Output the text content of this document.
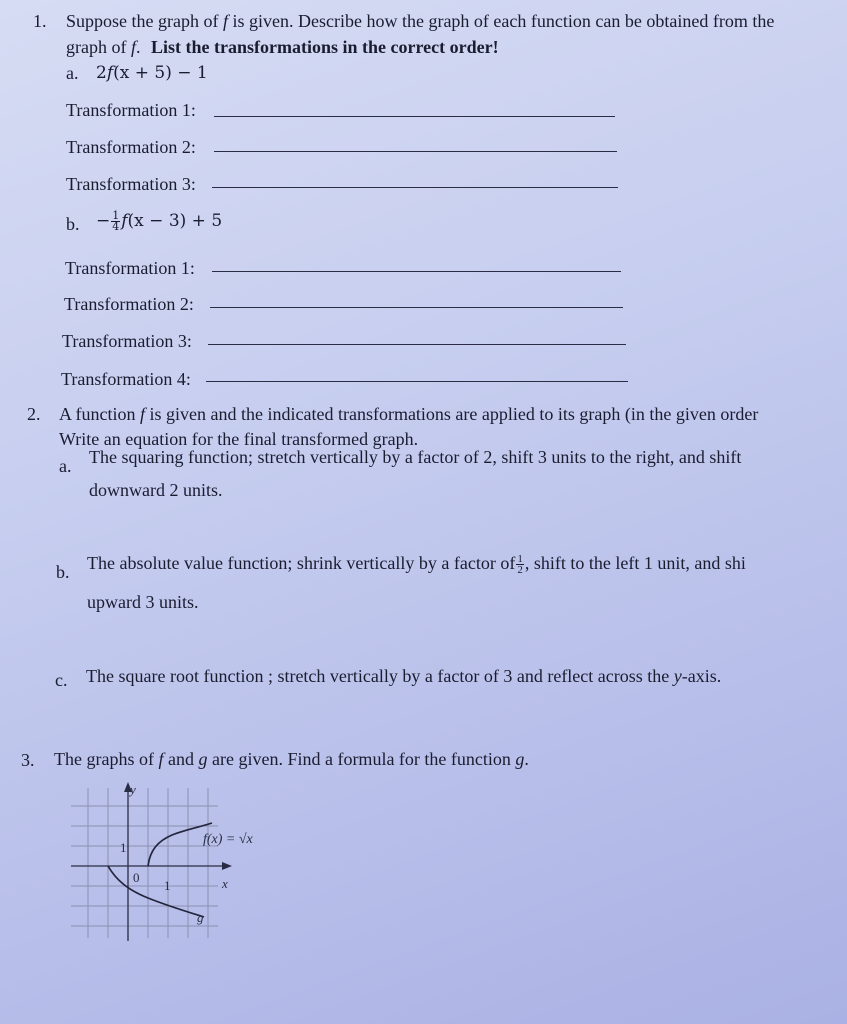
1. Suppose the graph of f is given. Describe how the graph of each function can be obtained from the
graph of f. List the transformations in the correct order!
a. 2f(x + 5) − 1
Transformation 1:
Transformation 2:
Transformation 3:
b. − $\frac{1}{4} f(x - 3) + 5$
Transformation 1:
Transformation 2:
Transformation 3:
Transformation 4:
2. A function f is given and the indicated transformations are applied to its graph (in the given order
Write an equation for the final transformed graph.
a. The squaring function; stretch vertically by a factor of 2, shift 3 units to the right, and shift
downward 2 units.
b. The absolute value function; shrink vertically by a factor of $\frac{1}{2}$ , shift to the left 1 unit, and shi
upward 3 units.
c. The square root function ; stretch vertically by a factor of 3 and reflect across the y-axis.
3. The graphs of f and g are given. Find a formula for the function g.
y
x
1
0
1
f(x) = √x
g
